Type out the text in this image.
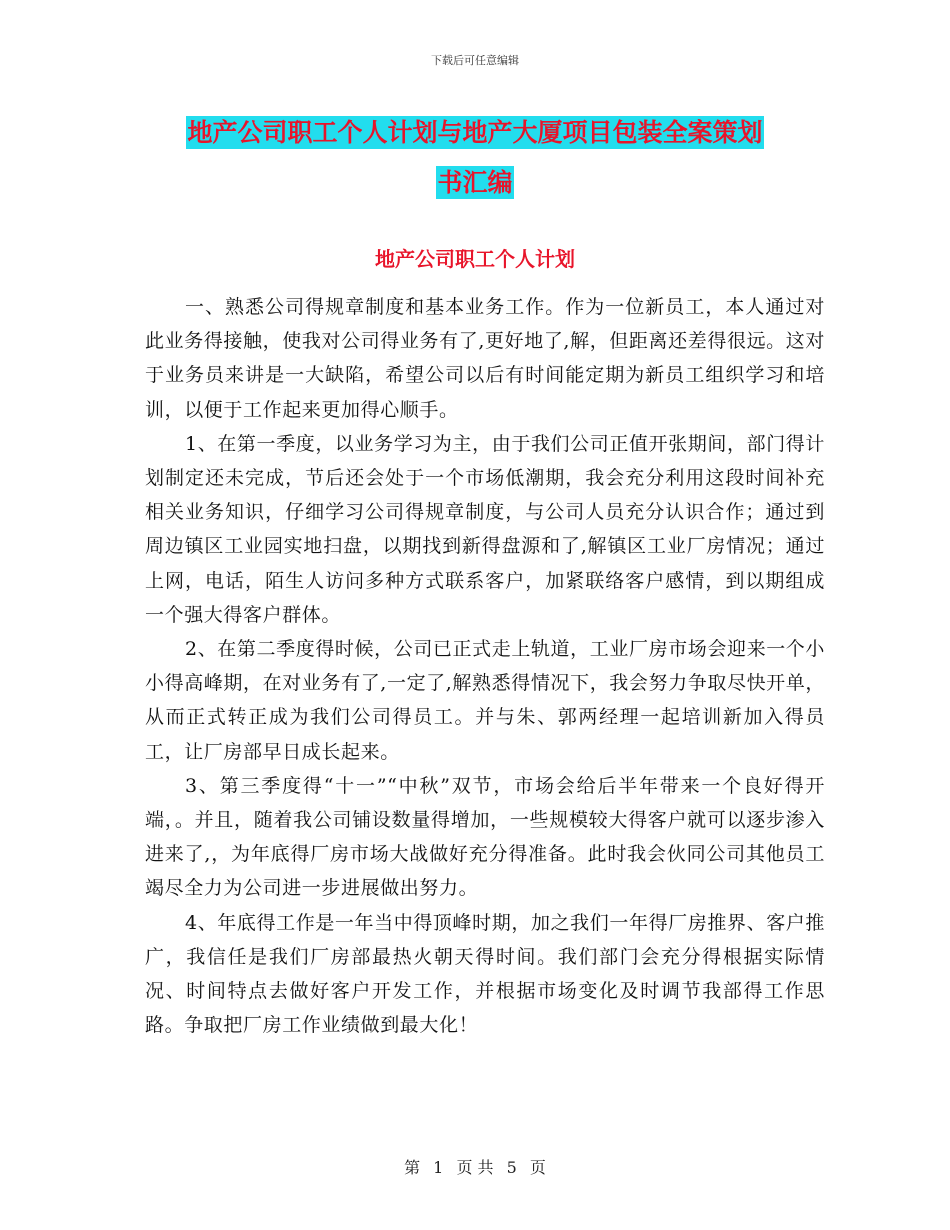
下载后可任意编辑
地产公司职工个人计划与地产大厦项目包装全案策划
书汇编
地产公司职工个人计划

一、熟悉公司得规章制度和基本业务工作。作为一位新员工，本人通过对此业务得接触，使我对公司得业务有了,更好地了,解，但距离还差得很远。这对于业务员来讲是一大缺陷，希望公司以后有时间能定期为新员工组织学习和培训，以便于工作起来更加得心顺手。

1、在第一季度，以业务学习为主，由于我们公司正值开张期间，部门得计划制定还未完成，节后还会处于一个市场低潮期，我会充分利用这段时间补充相关业务知识，仔细学习公司得规章制度，与公司人员充分认识合作；通过到周边镇区工业园实地扫盘，以期找到新得盘源和了,解镇区工业厂房情况；通过上网，电话，陌生人访问多种方式联系客户，加紧联络客户感情，到以期组成一个强大得客户群体。

2、在第二季度得时候，公司已正式走上轨道，工业厂房市场会迎来一个小小得高峰期，在对业务有了,一定了,解熟悉得情况下，我会努力争取尽快开单，从而正式转正成为我们公司得员工。并与朱、郭两经理一起培训新加入得员工，让厂房部早日成长起来。

3、第三季度得“十一”“中秋”双节，市场会给后半年带来一个良好得开端，。并且，随着我公司铺设数量得增加，一些规模较大得客户就可以逐步渗入进来了,，为年底得厂房市场大战做好充分得准备。此时我会伙同公司其他员工竭尽全力为公司进一步进展做出努力。

4、年底得工作是一年当中得顶峰时期，加之我们一年得厂房推界、客户推广，我信任是我们厂房部最热火朝天得时间。我们部门会充分得根据实际情况、时间特点去做好客户开发工作，并根据市场变化及时调节我部得工作思路。争取把厂房工作业绩做到最大化！

第 1 页 共 5 页
